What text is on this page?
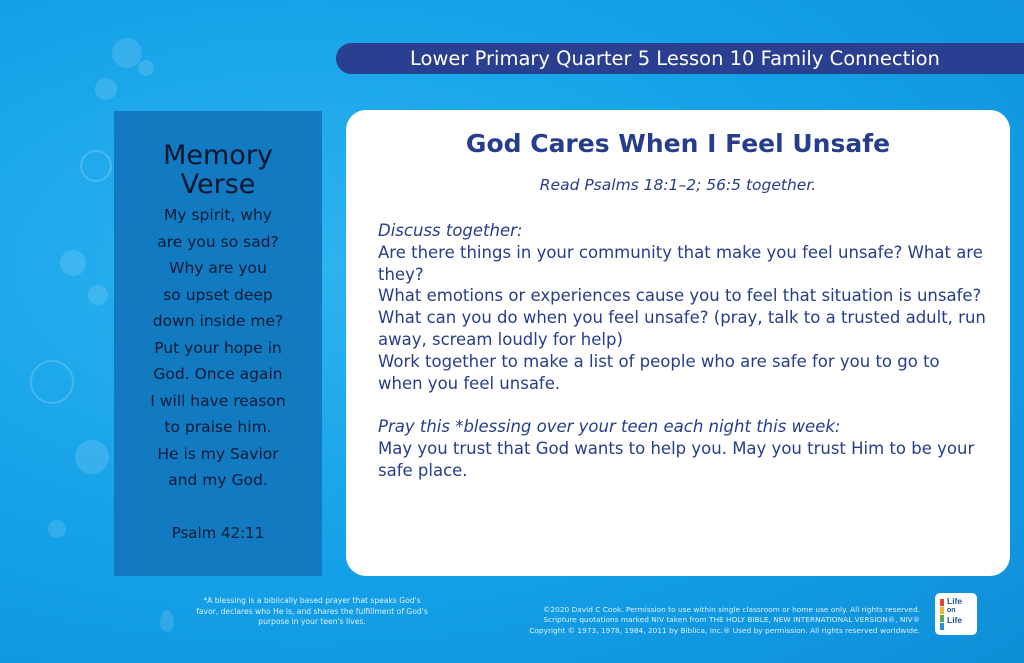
Lower Primary Quarter 5 Lesson 10 Family Connection
Memory Verse
My spirit, why
are you so sad?
Why are you
so upset deep
down inside me?
Put your hope in
God. Once again
I will have reason
to praise him.
He is my Savior
and my God.
Psalm 42:11
God Cares When I Feel Unsafe
Read Psalms 18:1–2; 56:5 together.

Discuss together:

Are there things in your community that make you feel unsafe? What are they?

What emotions or experiences cause you to feel that situation is unsafe?

What can you do when you feel unsafe? (pray, talk to a trusted adult, run away, scream loudly for help)

Work together to make a list of people who are safe for you to go to when you feel unsafe.

Pray this *blessing over your teen each night this week:

May you trust that God wants to help you. May you trust Him to be your safe place.

*A blessing is a biblically based prayer that speaks God's favor, declares who He is, and shares the fulfillment of God's purpose in your teen's lives.
©2020 David C Cook. Permission to use within single classroom or home use only. All rights reserved.
Scripture quotations marked NIV taken from THE HOLY BIBLE, NEW INTERNATIONAL VERSION®, NIV®
Copyright © 1973, 1978, 1984, 2011 by Biblica, Inc.® Used by permission. All rights reserved worldwide.
Life
on
Life
